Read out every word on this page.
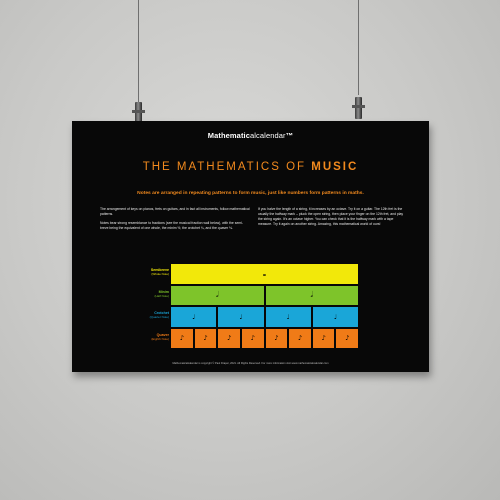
Mathematicalcalendar™
THE MATHEMATICS OF MUSIC
Notes are arranged in repeating patterns to form music, just like numbers form patterns in maths.

The arrangement of keys on pianos, frets on guitars, and in fact all instruments, follow mathematical patterns.

Notes bear strong resemblance to fractions (see the musical fraction wall below), with the semi-breve being the equivalent of one whole, the minim ½, the crotchet ¼, and the quaver ⅛.

If you halve the length of a string, it increases by an octave. Try it on a guitar. The 12th fret is the usually the halfway mark – pluck the open string, then place your finger on the 12th fret, and play the string again. It's an octave higher. You can check that it is the halfway mark with a tape measure. Try it again on another string. Amazing, this mathematical world of ours!

Semibreve
(Whole Note)	𝅝
Minim
(Half Note)	𝅗𝅥	𝅗𝅥
Crotchet
(Quarter Note)	♩	♩	♩	♩
Quaver
(Eighth Note) ♪	♪	♪	♪	♪	♪	♪	♪
Mathematicalcalendar is copyright © Paul Draper, 2021. All Rights Reserved. For more information visit www.mathematicalcalendar.com
